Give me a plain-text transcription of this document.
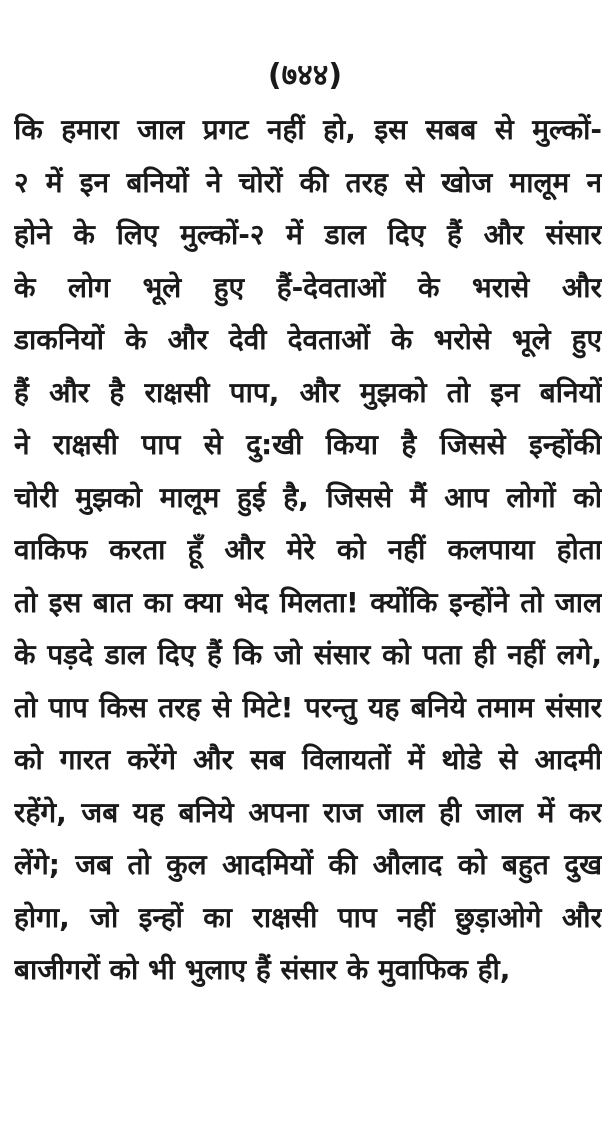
(७४४)
कि हमारा जाल प्रगट नहीं हो, इस सबब से मुल्कों-
२ में इन बनियों ने चोरों की तरह से खोज मालूम न
होने के लिए मुल्कों-२ में डाल दिए हैं और संसार
के लोग भूले हुए हैं-देवताओं के भरासे और
डाकनियों के और देवी देवताओं के भरोसे भूले हुए
हैं और है राक्षसी पाप, और मुझको तो इन बनियों
ने राक्षसी पाप से दु:खी किया है जिससे इन्होंकी
चोरी मुझको मालूम हुई है, जिससे मैं आप लोगों को
वाकिफ करता हूँ और मेरे को नहीं कलपाया होता
तो इस बात का क्या भेद मिलता! क्योंकि इन्होंने तो जाल
के पड़दे डाल दिए हैं कि जो संसार को पता ही नहीं लगे,
तो पाप किस तरह से मिटे! परन्तु यह बनिये तमाम संसार
को गारत करेंगे और सब विलायतों में थोडे से आदमी
रहेंगे, जब यह बनिये अपना राज जाल ही जाल में कर
लेंगे; जब तो कुल आदमियों की औलाद को बहुत दुख
होगा, जो इन्हों का राक्षसी पाप नहीं छुड़ाओगे और
बाजीगरों को भी भुलाए हैं संसार के मुवाफिक ही,
